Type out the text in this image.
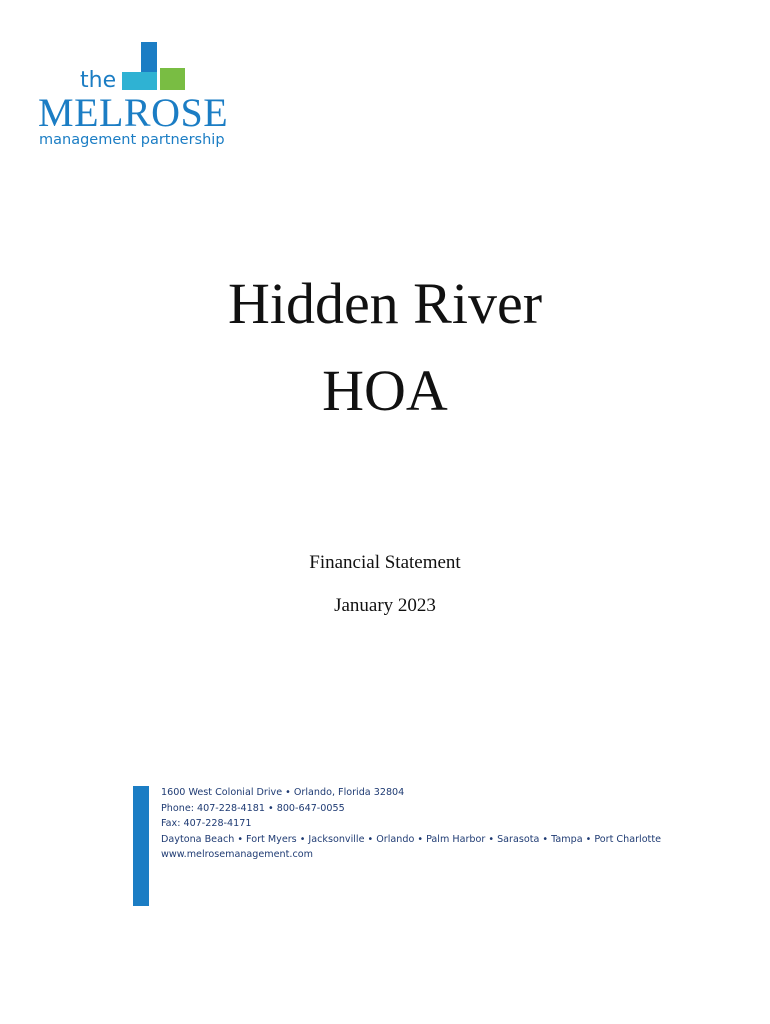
the
MELROSE
management partnership
Hidden River
HOA
Financial Statement
January 2023
1600 West Colonial Drive • Orlando, Florida 32804
Phone: 407-228-4181 • 800-647-0055
Fax: 407-228-4171
Daytona Beach • Fort Myers • Jacksonville • Orlando • Palm Harbor • Sarasota • Tampa • Port Charlotte
www.melrosemanagement.com
